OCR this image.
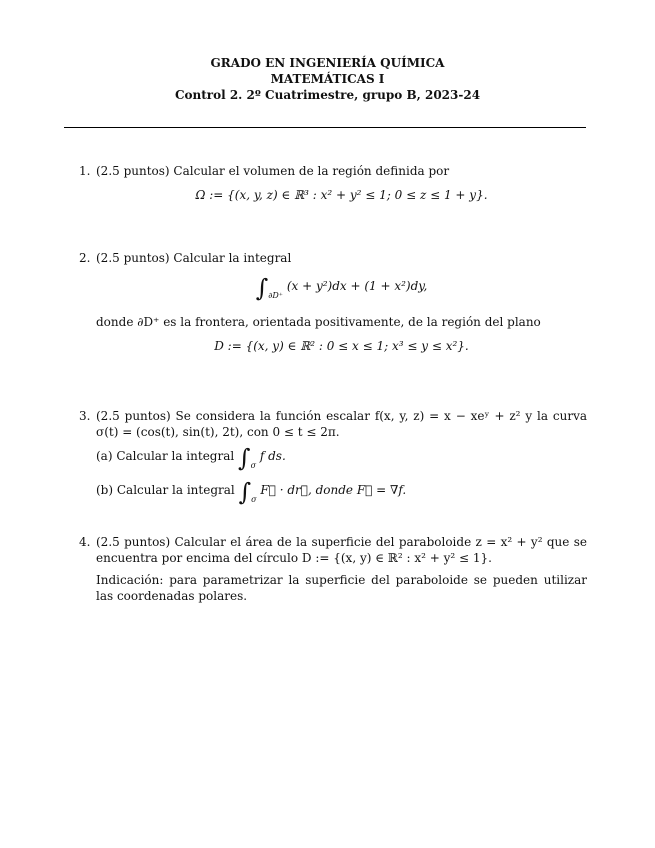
GRADO EN INGENIERÍA QUÍMICA
MATEMÁTICAS I
Control 2. 2º Cuatrimestre, grupo B, 2023-24
1. (2.5 puntos) Calcular el volumen de la región definida por
Ω := {(x, y, z) ∈ ℝ³ : x² + y² ≤ 1; 0 ≤ z ≤ 1 + y}.
2. (2.5 puntos) Calcular la integral
$\int_{\partial D^+}$ (x + y²)dx + (1 + x²)dy,
donde ∂D⁺ es la frontera, orientada positivamente, de la región del plano
D := {(x, y) ∈ ℝ² : 0 ≤ x ≤ 1; x³ ≤ y ≤ x²}.
3. (2.5 puntos) Se considera la función escalar f(x, y, z) = x − xeʸ + z² y la curva σ(t) = (cos(t), sin(t), 2t), con 0 ≤ t ≤ 2π.
(a) Calcular la integral $\int_\sigma$ f ds.
(b) Calcular la integral $\int_\sigma$ F⃗ · dr⃗, donde F⃗ = ∇f.
4. (2.5 puntos) Calcular el área de la superficie del paraboloide z = x² + y² que se encuentra por encima del círculo D := {(x, y) ∈ ℝ² : x² + y² ≤ 1}.
Indicación: para parametrizar la superficie del paraboloide se pueden utilizar las coordenadas polares.
